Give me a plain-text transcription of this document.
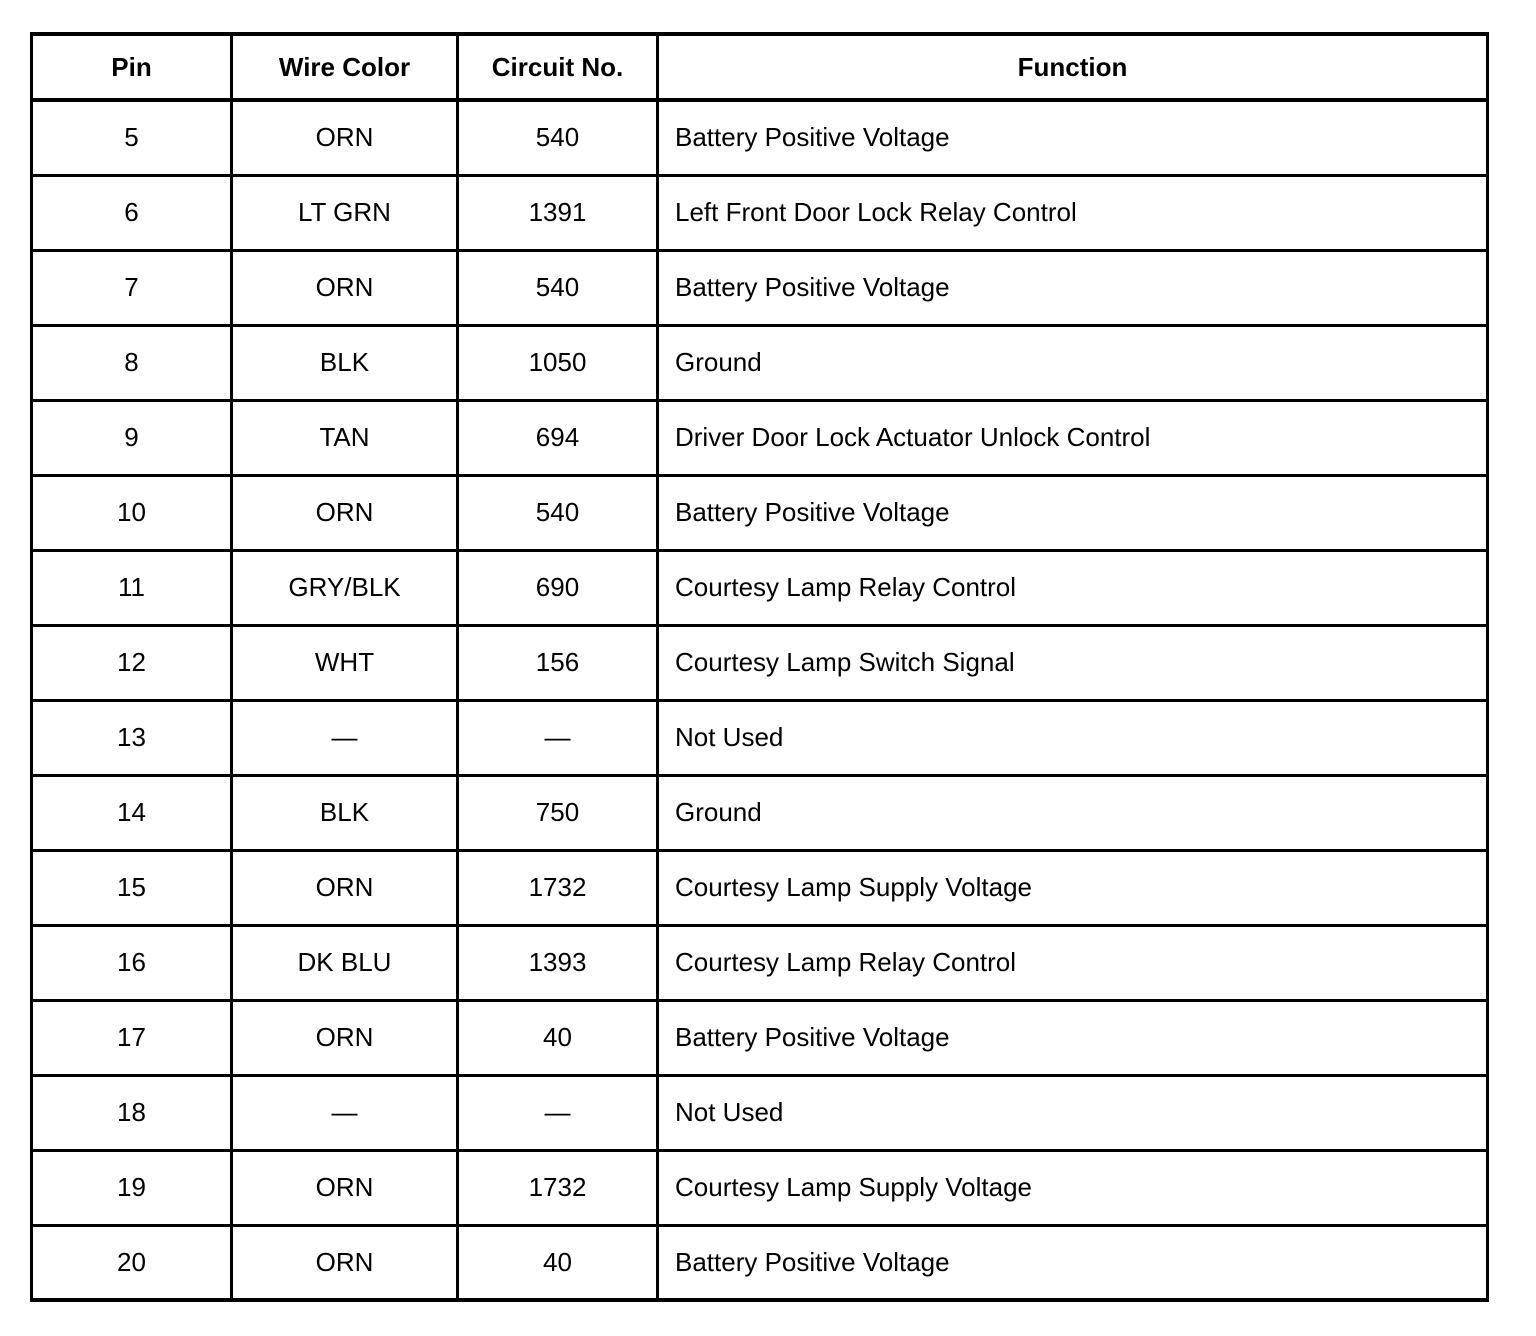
Pin	Wire Color	Circuit No.	Function
5	ORN	540	Battery Positive Voltage
6	LT GRN	1391	Left Front Door Lock Relay Control
7	ORN	540	Battery Positive Voltage
8	BLK	1050	Ground
9	TAN	694	Driver Door Lock Actuator Unlock Control
10	ORN	540	Battery Positive Voltage
11	GRY/BLK	690	Courtesy Lamp Relay Control
12	WHT	156	Courtesy Lamp Switch Signal
13	—	—	Not Used
14	BLK	750	Ground
15	ORN	1732	Courtesy Lamp Supply Voltage
16	DK BLU	1393	Courtesy Lamp Relay Control
17	ORN	40	Battery Positive Voltage
18	—	—	Not Used
19	ORN	1732	Courtesy Lamp Supply Voltage
20	ORN	40	Battery Positive Voltage
